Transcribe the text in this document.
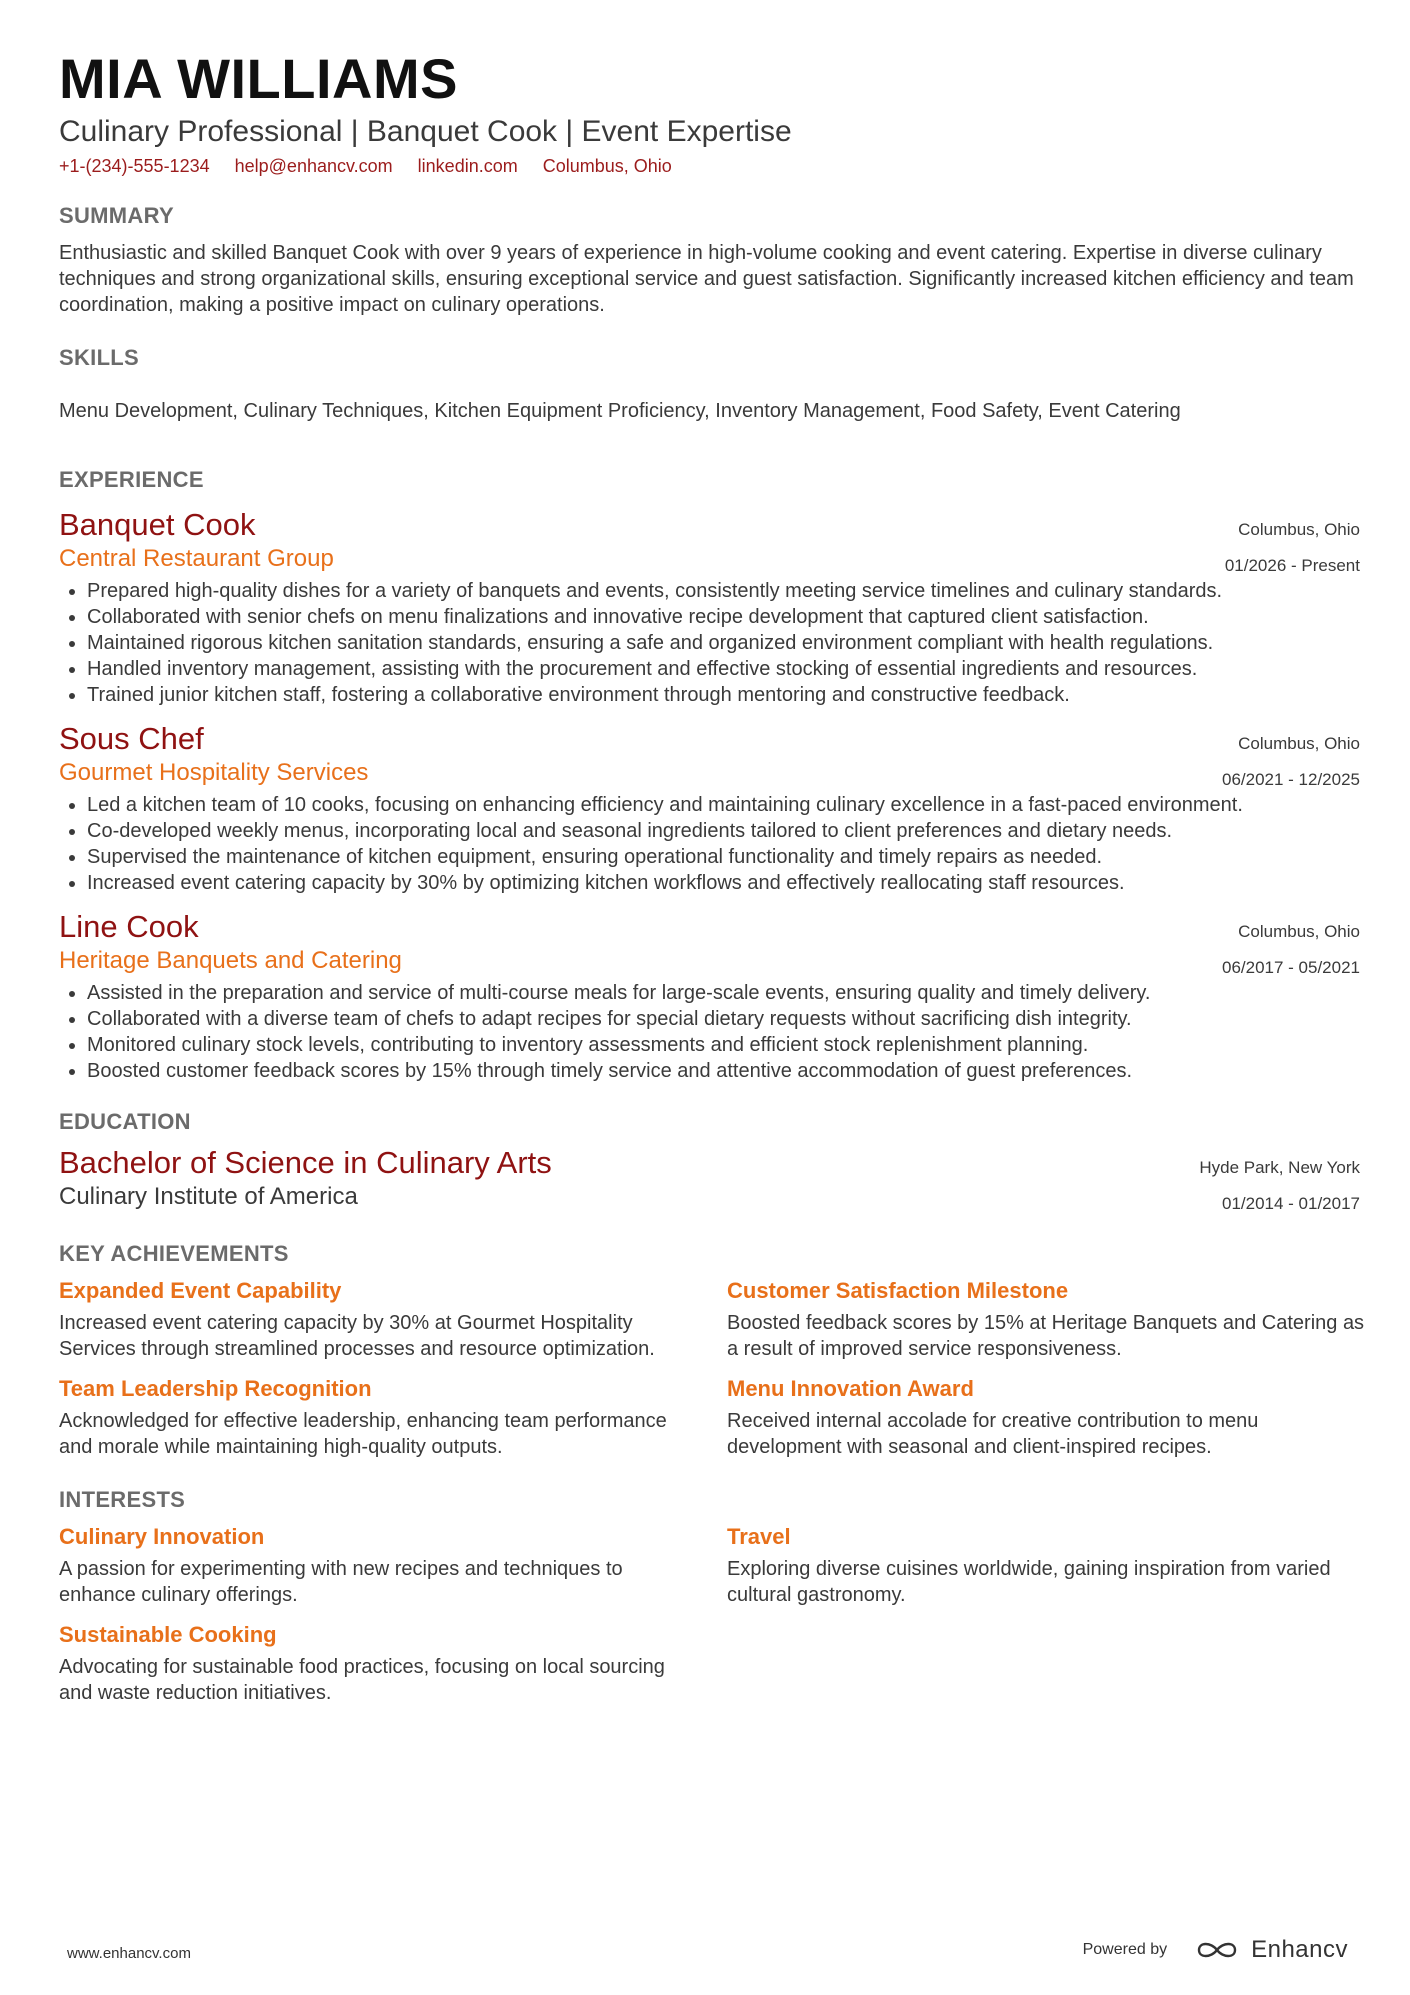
MIA WILLIAMS
Culinary Professional | Banquet Cook | Event Expertise
+1-(234)-555-1234 help@enhancv.com linkedin.com Columbus, Ohio
SUMMARY
Enthusiastic and skilled Banquet Cook with over 9 years of experience in high-volume cooking and event catering. Expertise in diverse culinary techniques and strong organizational skills, ensuring exceptional service and guest satisfaction. Significantly increased kitchen efficiency and team coordination, making a positive impact on culinary operations.
SKILLS
Menu Development, Culinary Techniques, Kitchen Equipment Proficiency, Inventory Management, Food Safety, Event Catering
EXPERIENCE
Banquet Cook
Central Restaurant Group
Columbus, Ohio
01/2026 - Present
• Prepared high-quality dishes for a variety of banquets and events, consistently meeting service timelines and culinary standards.
• Collaborated with senior chefs on menu finalizations and innovative recipe development that captured client satisfaction.
• Maintained rigorous kitchen sanitation standards, ensuring a safe and organized environment compliant with health regulations.
• Handled inventory management, assisting with the procurement and effective stocking of essential ingredients and resources.
• Trained junior kitchen staff, fostering a collaborative environment through mentoring and constructive feedback.
Sous Chef
Gourmet Hospitality Services
Columbus, Ohio
06/2021 - 12/2025
• Led a kitchen team of 10 cooks, focusing on enhancing efficiency and maintaining culinary excellence in a fast-paced environment.
• Co-developed weekly menus, incorporating local and seasonal ingredients tailored to client preferences and dietary needs.
• Supervised the maintenance of kitchen equipment, ensuring operational functionality and timely repairs as needed.
• Increased event catering capacity by 30% by optimizing kitchen workflows and effectively reallocating staff resources.
Line Cook
Heritage Banquets and Catering
Columbus, Ohio
06/2017 - 05/2021
• Assisted in the preparation and service of multi-course meals for large-scale events, ensuring quality and timely delivery.
• Collaborated with a diverse team of chefs to adapt recipes for special dietary requests without sacrificing dish integrity.
• Monitored culinary stock levels, contributing to inventory assessments and efficient stock replenishment planning.
• Boosted customer feedback scores by 15% through timely service and attentive accommodation of guest preferences.
EDUCATION
Bachelor of Science in Culinary Arts
Culinary Institute of America
Hyde Park, New York
01/2014 - 01/2017
KEY ACHIEVEMENTS
Expanded Event Capability
Increased event catering capacity by 30% at Gourmet Hospitality Services through streamlined processes and resource optimization.
Customer Satisfaction Milestone
Boosted feedback scores by 15% at Heritage Banquets and Catering as a result of improved service responsiveness.
Team Leadership Recognition
Acknowledged for effective leadership, enhancing team performance and morale while maintaining high-quality outputs.
Menu Innovation Award
Received internal accolade for creative contribution to menu development with seasonal and client-inspired recipes.
INTERESTS
Culinary Innovation
A passion for experimenting with new recipes and techniques to enhance culinary offerings.
Travel
Exploring diverse cuisines worldwide, gaining inspiration from varied cultural gastronomy.
Sustainable Cooking
Advocating for sustainable food practices, focusing on local sourcing and waste reduction initiatives.
www.enhancv.com	Powered by	Enhancv
